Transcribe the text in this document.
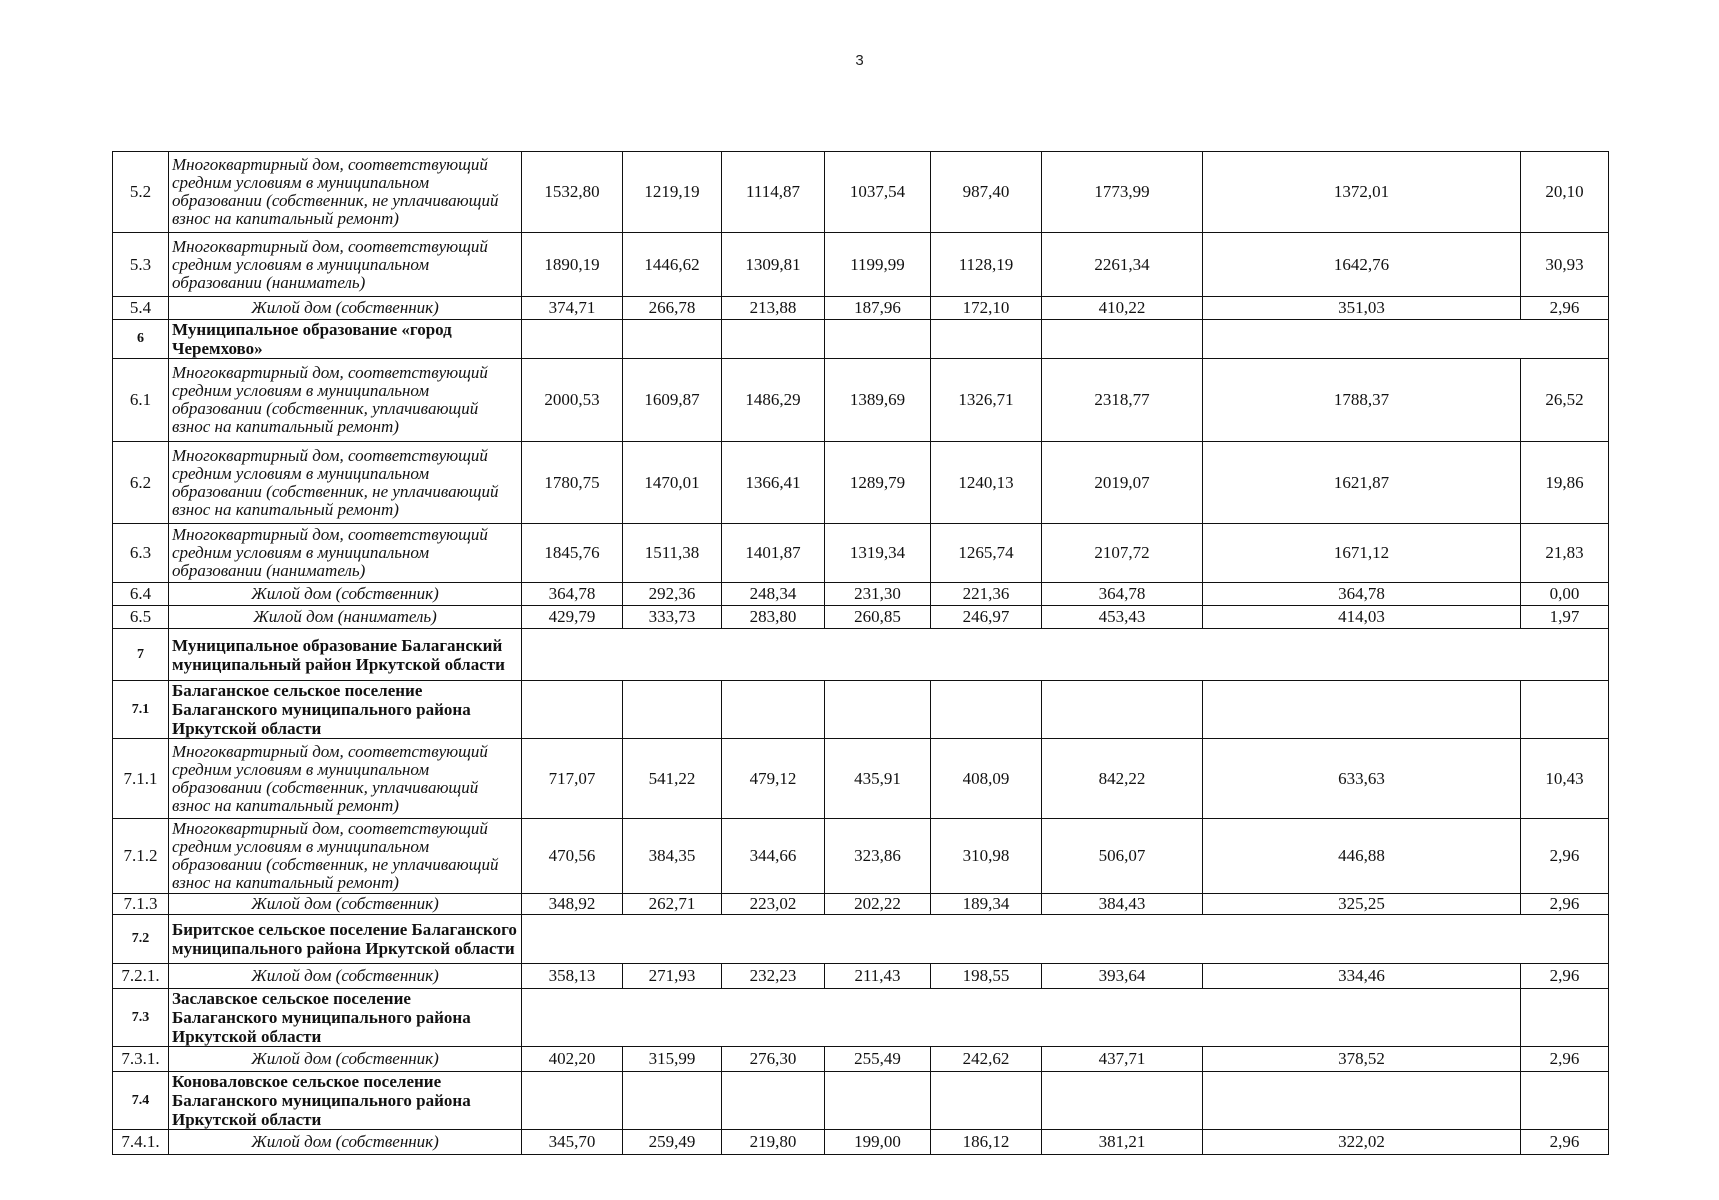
3
5.2	Многоквартирный дом, соответствующий средним условиям в муниципальном образовании (собственник, не уплачивающий взнос на капитальный ремонт)	1532,80	1219,19	1114,87	1037,54	987,40	1773,99	1372,01	20,10
5.3	Многоквартирный дом, соответствующий средним условиям в муниципальном образовании (наниматель)	1890,19	1446,62	1309,81	1199,99	1128,19	2261,34	1642,76	30,93
5.4	Жилой дом (собственник)	374,71	266,78	213,88	187,96	172,10	410,22	351,03	2,96
6	Муниципальное образование «город Черемхово»								
6.1	Многоквартирный дом, соответствующий средним условиям в муниципальном образовании (собственник, уплачивающий взнос на капитальный ремонт)	2000,53	1609,87	1486,29	1389,69	1326,71	2318,77	1788,37	26,52
6.2	Многоквартирный дом, соответствующий средним условиям в муниципальном образовании (собственник, не уплачивающий взнос на капитальный ремонт)	1780,75	1470,01	1366,41	1289,79	1240,13	2019,07	1621,87	19,86
6.3	Многоквартирный дом, соответствующий средним условиям в муниципальном образовании (наниматель)	1845,76	1511,38	1401,87	1319,34	1265,74	2107,72	1671,12	21,83
6.4	Жилой дом (собственник)	364,78	292,36	248,34	231,30	221,36	364,78	364,78	0,00
6.5	Жилой дом (наниматель)	429,79	333,73	283,80	260,85	246,97	453,43	414,03	1,97
7	Муниципальное образование Балаганский муниципальный район Иркутской области								
7.1	Балаганское сельское поселение Балаганского муниципального района Иркутской области								
7.1.1	Многоквартирный дом, соответствующий средним условиям в муниципальном образовании (собственник, уплачивающий взнос на капитальный ремонт)	717,07	541,22	479,12	435,91	408,09	842,22	633,63	10,43
7.1.2	Многоквартирный дом, соответствующий средним условиям в муниципальном образовании (собственник, не уплачивающий взнос на капитальный ремонт)	470,56	384,35	344,66	323,86	310,98	506,07	446,88	2,96
7.1.3	Жилой дом (собственник)	348,92	262,71	223,02	202,22	189,34	384,43	325,25	2,96
7.2	Биритское сельское поселение Балаганского муниципального района Иркутской области								
7.2.1.	Жилой дом (собственник)	358,13	271,93	232,23	211,43	198,55	393,64	334,46	2,96
7.3	Заславское сельское поселение Балаганского муниципального района Иркутской области								
7.3.1.	Жилой дом (собственник)	402,20	315,99	276,30	255,49	242,62	437,71	378,52	2,96
7.4	Коноваловское сельское поселение Балаганского муниципального района Иркутской области								
7.4.1.	Жилой дом (собственник)	345,70	259,49	219,80	199,00	186,12	381,21	322,02	2,96
